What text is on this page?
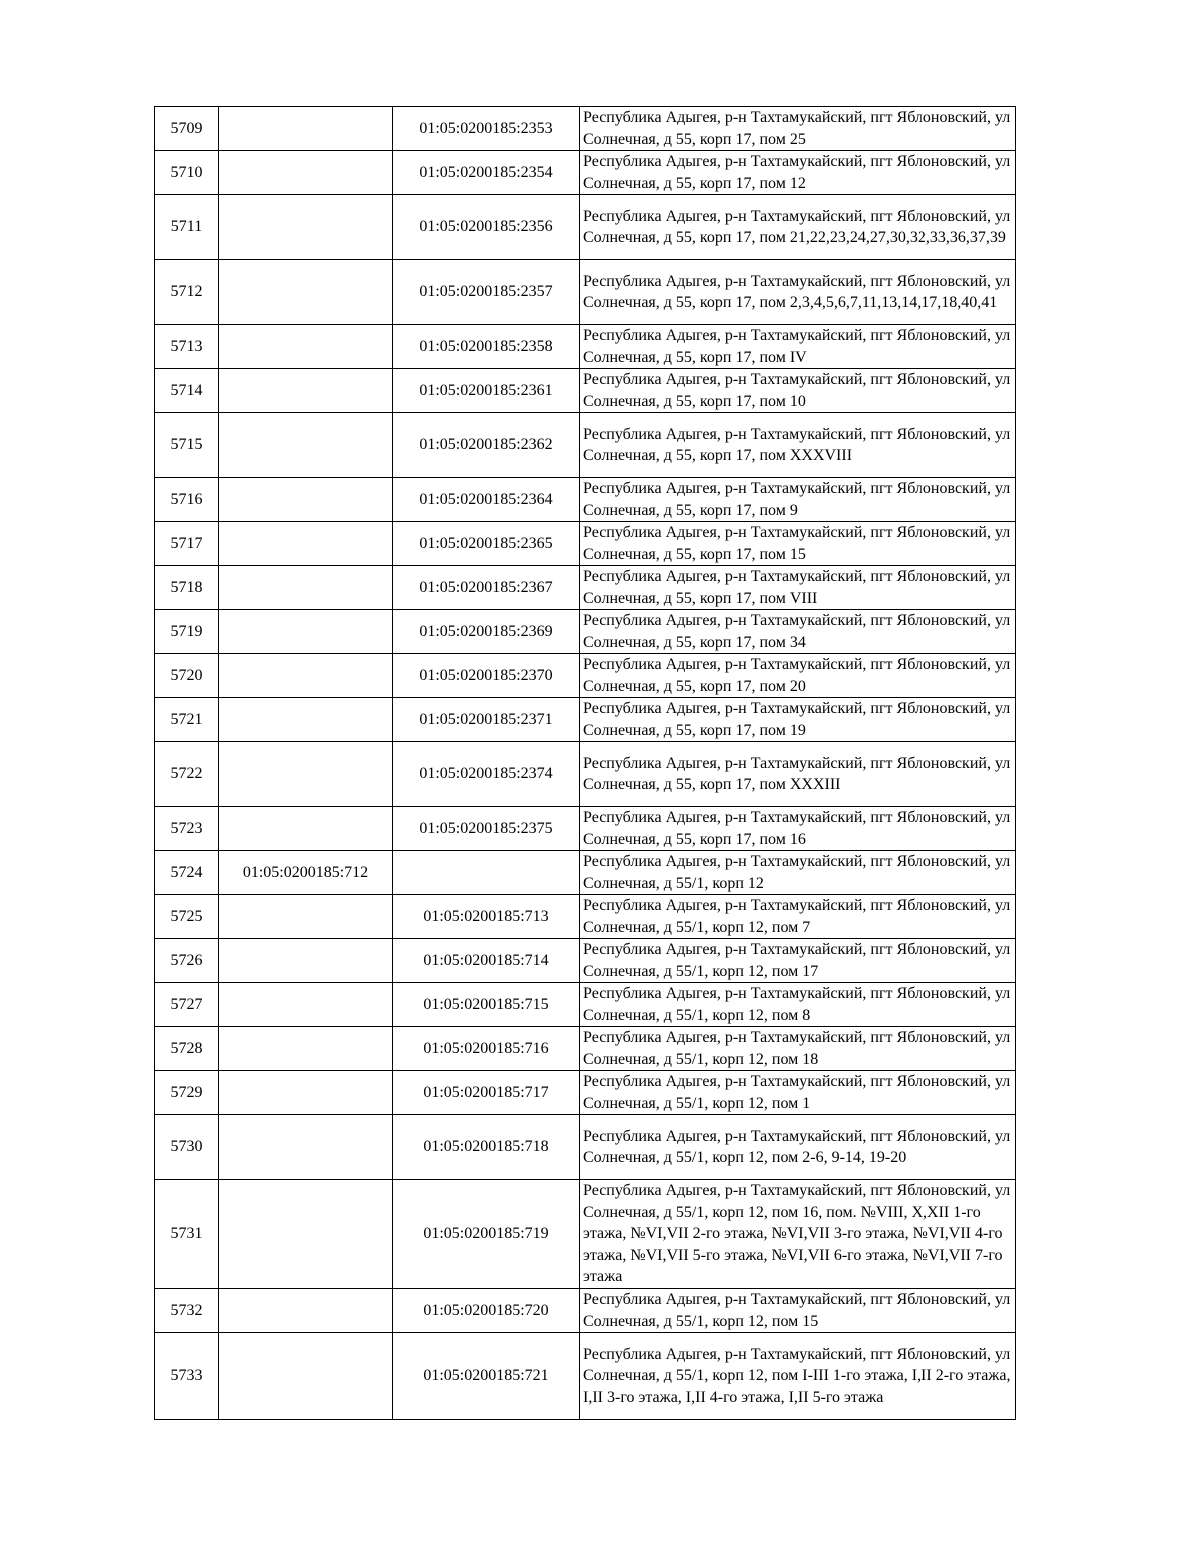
5709		01:05:0200185:2353	Республика Адыгея, р-н Тахтамукайский, пгт Яблоновский, ул Солнечная, д 55, корп 17, пом 25
5710		01:05:0200185:2354	Республика Адыгея, р-н Тахтамукайский, пгт Яблоновский, ул Солнечная, д 55, корп 17, пом 12
5711		01:05:0200185:2356	Республика Адыгея, р-н Тахтамукайский, пгт Яблоновский, ул Солнечная, д 55, корп 17, пом 21,22,23,24,27,30,32,33,36,37,39
5712		01:05:0200185:2357	Республика Адыгея, р-н Тахтамукайский, пгт Яблоновский, ул Солнечная, д 55, корп 17, пом 2,3,4,5,6,7,11,13,14,17,18,40,41
5713		01:05:0200185:2358	Республика Адыгея, р-н Тахтамукайский, пгт Яблоновский, ул Солнечная, д 55, корп 17, пом IV
5714		01:05:0200185:2361	Республика Адыгея, р-н Тахтамукайский, пгт Яблоновский, ул Солнечная, д 55, корп 17, пом 10
5715		01:05:0200185:2362	Республика Адыгея, р-н Тахтамукайский, пгт Яблоновский, ул Солнечная, д 55, корп 17, пом XXXVIII
5716		01:05:0200185:2364	Республика Адыгея, р-н Тахтамукайский, пгт Яблоновский, ул Солнечная, д 55, корп 17, пом 9
5717		01:05:0200185:2365	Республика Адыгея, р-н Тахтамукайский, пгт Яблоновский, ул Солнечная, д 55, корп 17, пом 15
5718		01:05:0200185:2367	Республика Адыгея, р-н Тахтамукайский, пгт Яблоновский, ул Солнечная, д 55, корп 17, пом VIII
5719		01:05:0200185:2369	Республика Адыгея, р-н Тахтамукайский, пгт Яблоновский, ул Солнечная, д 55, корп 17, пом 34
5720		01:05:0200185:2370	Республика Адыгея, р-н Тахтамукайский, пгт Яблоновский, ул Солнечная, д 55, корп 17, пом 20
5721		01:05:0200185:2371	Республика Адыгея, р-н Тахтамукайский, пгт Яблоновский, ул Солнечная, д 55, корп 17, пом 19
5722		01:05:0200185:2374	Республика Адыгея, р-н Тахтамукайский, пгт Яблоновский, ул Солнечная, д 55, корп 17, пом XXXIII
5723		01:05:0200185:2375	Республика Адыгея, р-н Тахтамукайский, пгт Яблоновский, ул Солнечная, д 55, корп 17, пом 16
5724	01:05:0200185:712		Республика Адыгея, р-н Тахтамукайский, пгт Яблоновский, ул Солнечная, д 55/1, корп 12
5725		01:05:0200185:713	Республика Адыгея, р-н Тахтамукайский, пгт Яблоновский, ул Солнечная, д 55/1, корп 12, пом 7
5726		01:05:0200185:714	Республика Адыгея, р-н Тахтамукайский, пгт Яблоновский, ул Солнечная, д 55/1, корп 12, пом 17
5727		01:05:0200185:715	Республика Адыгея, р-н Тахтамукайский, пгт Яблоновский, ул Солнечная, д 55/1, корп 12, пом 8
5728		01:05:0200185:716	Республика Адыгея, р-н Тахтамукайский, пгт Яблоновский, ул Солнечная, д 55/1, корп 12, пом 18
5729		01:05:0200185:717	Республика Адыгея, р-н Тахтамукайский, пгт Яблоновский, ул Солнечная, д 55/1, корп 12, пом 1
5730		01:05:0200185:718	Республика Адыгея, р-н Тахтамукайский, пгт Яблоновский, ул Солнечная, д 55/1, корп 12, пом 2-6, 9-14, 19-20
5731		01:05:0200185:719	Республика Адыгея, р-н Тахтамукайский, пгт Яблоновский, ул Солнечная, д 55/1, корп 12, пом 16, пом. №VIII, X,XII 1-го этажа, №VI,VII 2-го этажа, №VI,VII 3-го этажа, №VI,VII 4-го этажа, №VI,VII 5-го этажа, №VI,VII 6-го этажа, №VI,VII 7-го этажа
5732		01:05:0200185:720	Республика Адыгея, р-н Тахтамукайский, пгт Яблоновский, ул Солнечная, д 55/1, корп 12, пом 15
5733		01:05:0200185:721	Республика Адыгея, р-н Тахтамукайский, пгт Яблоновский, ул Солнечная, д 55/1, корп 12, пом I-III 1-го этажа, I,II 2-го этажа, I,II 3-го этажа, I,II 4-го этажа, I,II 5-го этажа
